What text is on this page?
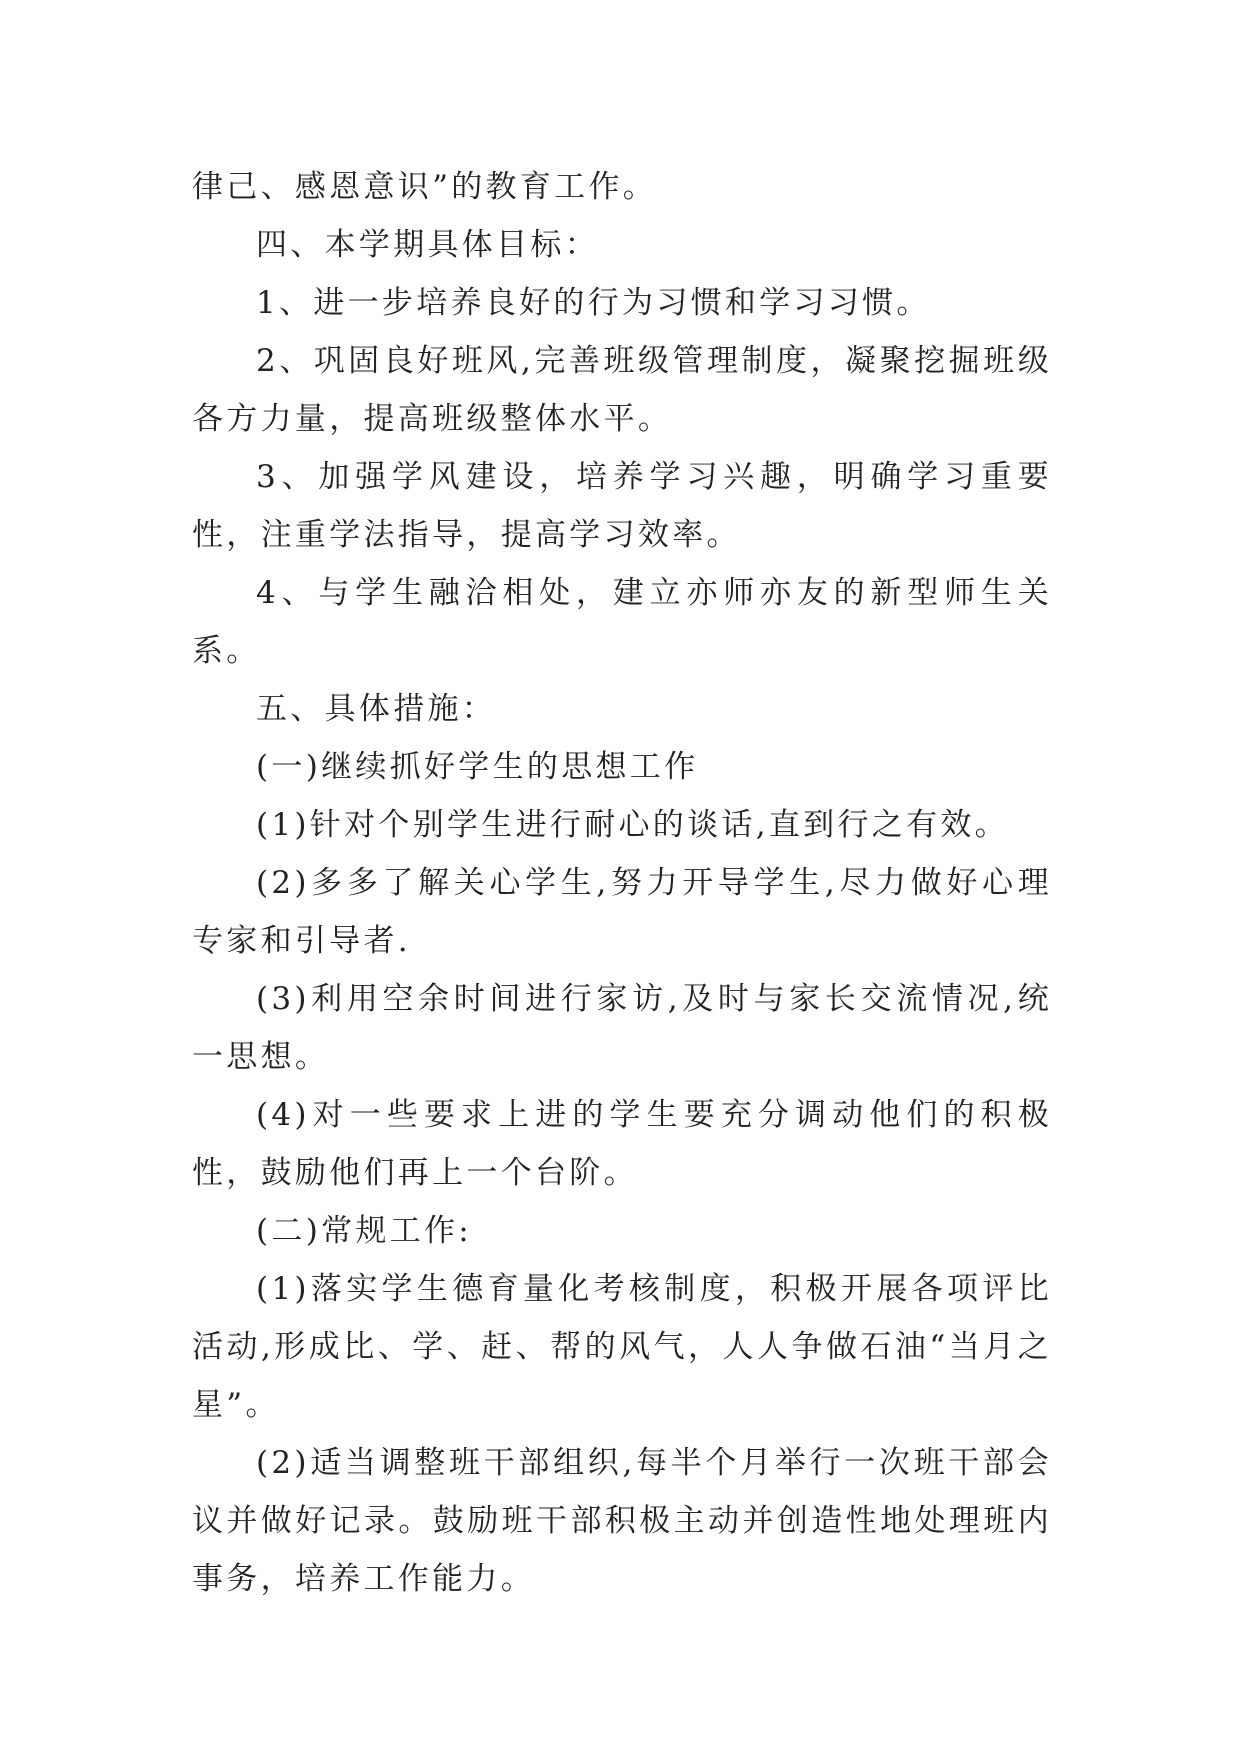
律己、感恩意识”的教育工作。

四、本学期具体目标：

1、进一步培养良好的行为习惯和学习习惯。

2、巩固良好班风,完善班级管理制度，凝聚挖掘班级各方力量，提高班级整体水平。

3、加强学风建设，培养学习兴趣，明确学习重要性，注重学法指导，提高学习效率。

4、与学生融洽相处，建立亦师亦友的新型师生关系。

五、具体措施：

(一)继续抓好学生的思想工作

(1)针对个别学生进行耐心的谈话,直到行之有效。

(2)多多了解关心学生,努力开导学生,尽力做好心理专家和引导者.

(3)利用空余时间进行家访,及时与家长交流情况,统一思想。

(4)对一些要求上进的学生要充分调动他们的积极性，鼓励他们再上一个台阶。

(二)常规工作:

(1)落实学生德育量化考核制度，积极开展各项评比活动,形成比、学、赶、帮的风气，人人争做石油“当月之星”。

(2)适当调整班干部组织,每半个月举行一次班干部会议并做好记录。鼓励班干部积极主动并创造性地处理班内事务，培养工作能力。
